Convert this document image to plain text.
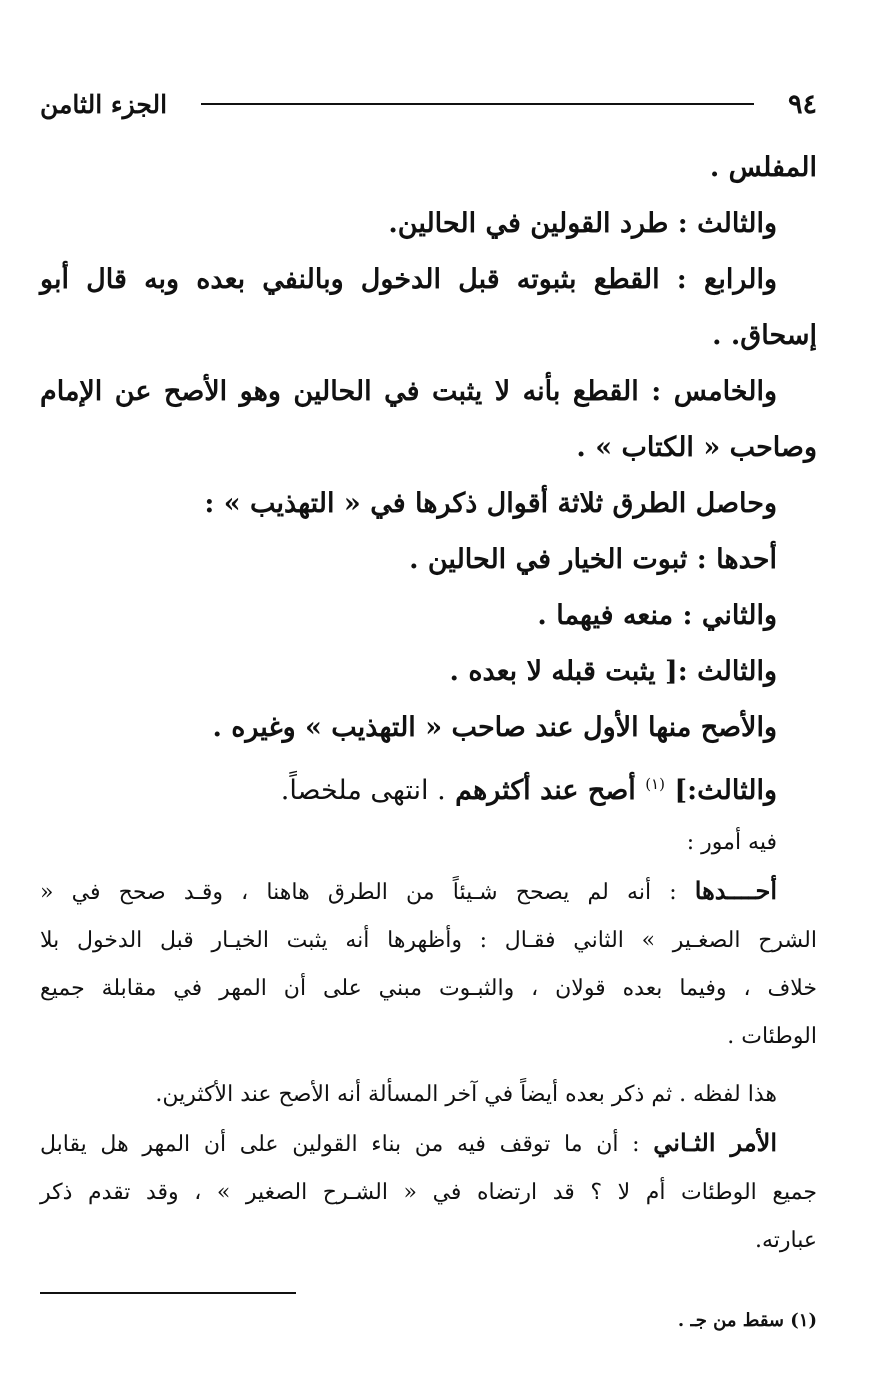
٩٤
الجزء الثامن
المفلس .
والثالث : طرد القولين في الحالين.
والرابع : القطع بثبوته قبل الدخول وبالنفي بعده وبه قال أبو
إسحاق. .
والخامس : القطع بأنه لا يثبت في الحالين وهو الأصح عن الإمام
وصاحب « الكتاب » .
وحاصل الطرق ثلاثة أقوال ذكرها في « التهذيب » :
أحدها : ثبوت الخيار في الحالين .
والثاني : منعه فيهما .
والثالث :[ يثبت قبله لا بعده .
والأصح منها الأول عند صاحب « التهذيب » وغيره .
والثالث:] $^{(١)}$ أصح عند أكثرهم . انتهى ملخصاً.
فيه أمور :
أحــــدها : أنه لم يصحح شـيئاً من الطرق هاهنا ، وقـد صحح في «
الشرح الصغـير » الثاني فقـال : وأظهرها أنه يثبت الخيـار قبل الدخول بلا
خلاف ، وفيما بعده قولان ، والثبـوت مبني على أن المهر في مقابلة جميع
الوطئات .
هذا لفظه . ثم ذكر بعده أيضاً في آخر المسألة أنه الأصح عند الأكثرين.
الأمر الثـاني : أن ما توقف فيه من بناء القولين على أن المهر هل يقابل
جميع الوطئات أم لا ؟ قد ارتضاه في « الشـرح الصغير » ، وقد تقدم ذكر
عبارته.
(١) سقط من جـ .
